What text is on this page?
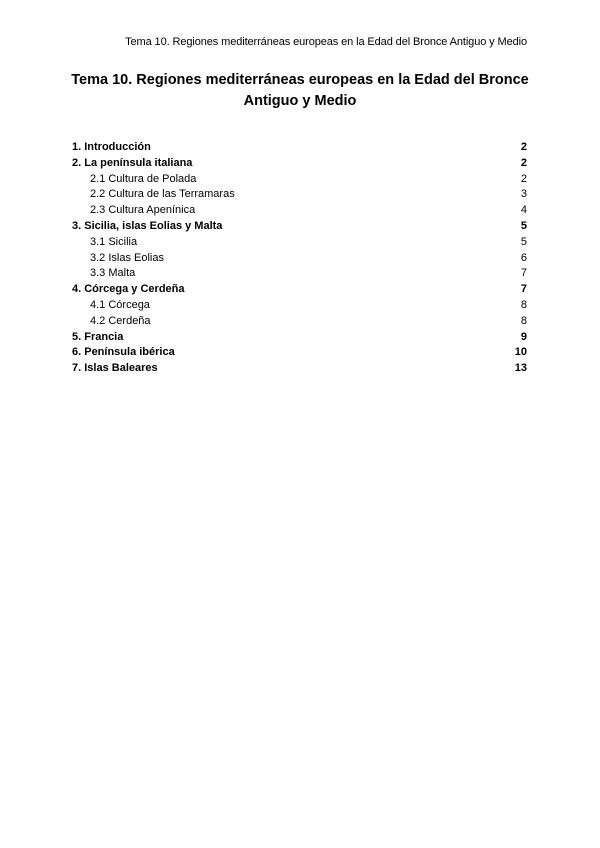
Tema 10. Regiones mediterráneas europeas en la Edad del Bronce Antiguo y Medio
Tema 10. Regiones mediterráneas europeas en la Edad del Bronce
Antiguo y Medio
1. Introducción	2
2. La península italiana	2
2.1 Cultura de Polada	2
2.2 Cultura de las Terramaras	3
2.3 Cultura Apenínica	4
3. Sicilia, islas Eolias y Malta	5
3.1 Sicilia	5
3.2 Islas Eolias	6
3.3 Malta	7
4. Córcega y Cerdeña	7
4.1 Córcega	8
4.2 Cerdeña	8
5. Francia	9
6. Península ibérica	10
7. Islas Baleares	13
